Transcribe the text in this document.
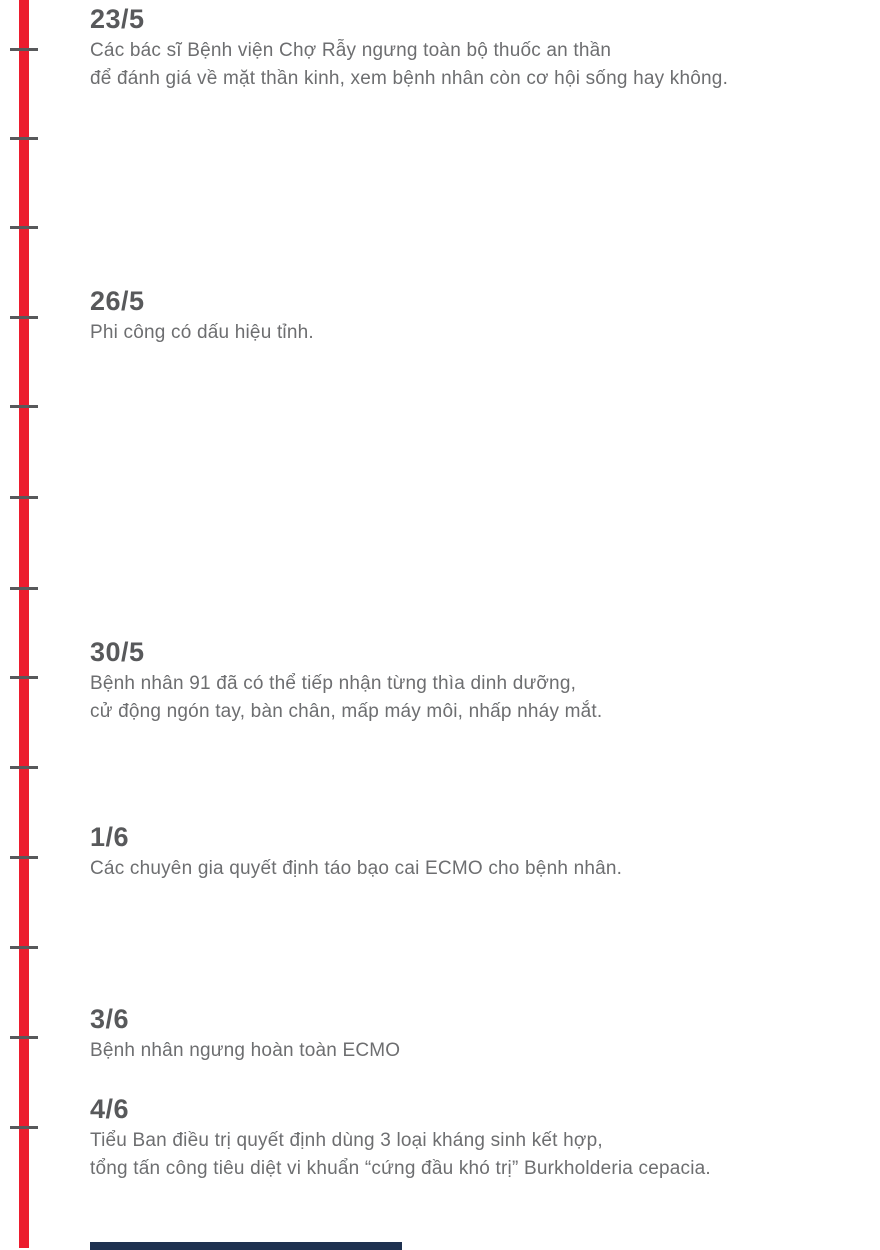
23/5

Các bác sĩ Bệnh viện Chợ Rẫy ngưng toàn bộ thuốc an thần

để đánh giá về mặt thần kinh, xem bệnh nhân còn cơ hội sống hay không.

26/5

Phi công có dấu hiệu tỉnh.

30/5

Bệnh nhân 91 đã có thể tiếp nhận từng thìa dinh dưỡng,

cử động ngón tay, bàn chân, mấp máy môi, nhấp nháy mắt.

1/6

Các chuyên gia quyết định táo bạo cai ECMO cho bệnh nhân.

3/6

Bệnh nhân ngưng hoàn toàn ECMO

4/6

Tiểu Ban điều trị quyết định dùng 3 loại kháng sinh kết hợp,

tổng tấn công tiêu diệt vi khuẩn “cứng đầu khó trị” Burkholderia cepacia.
